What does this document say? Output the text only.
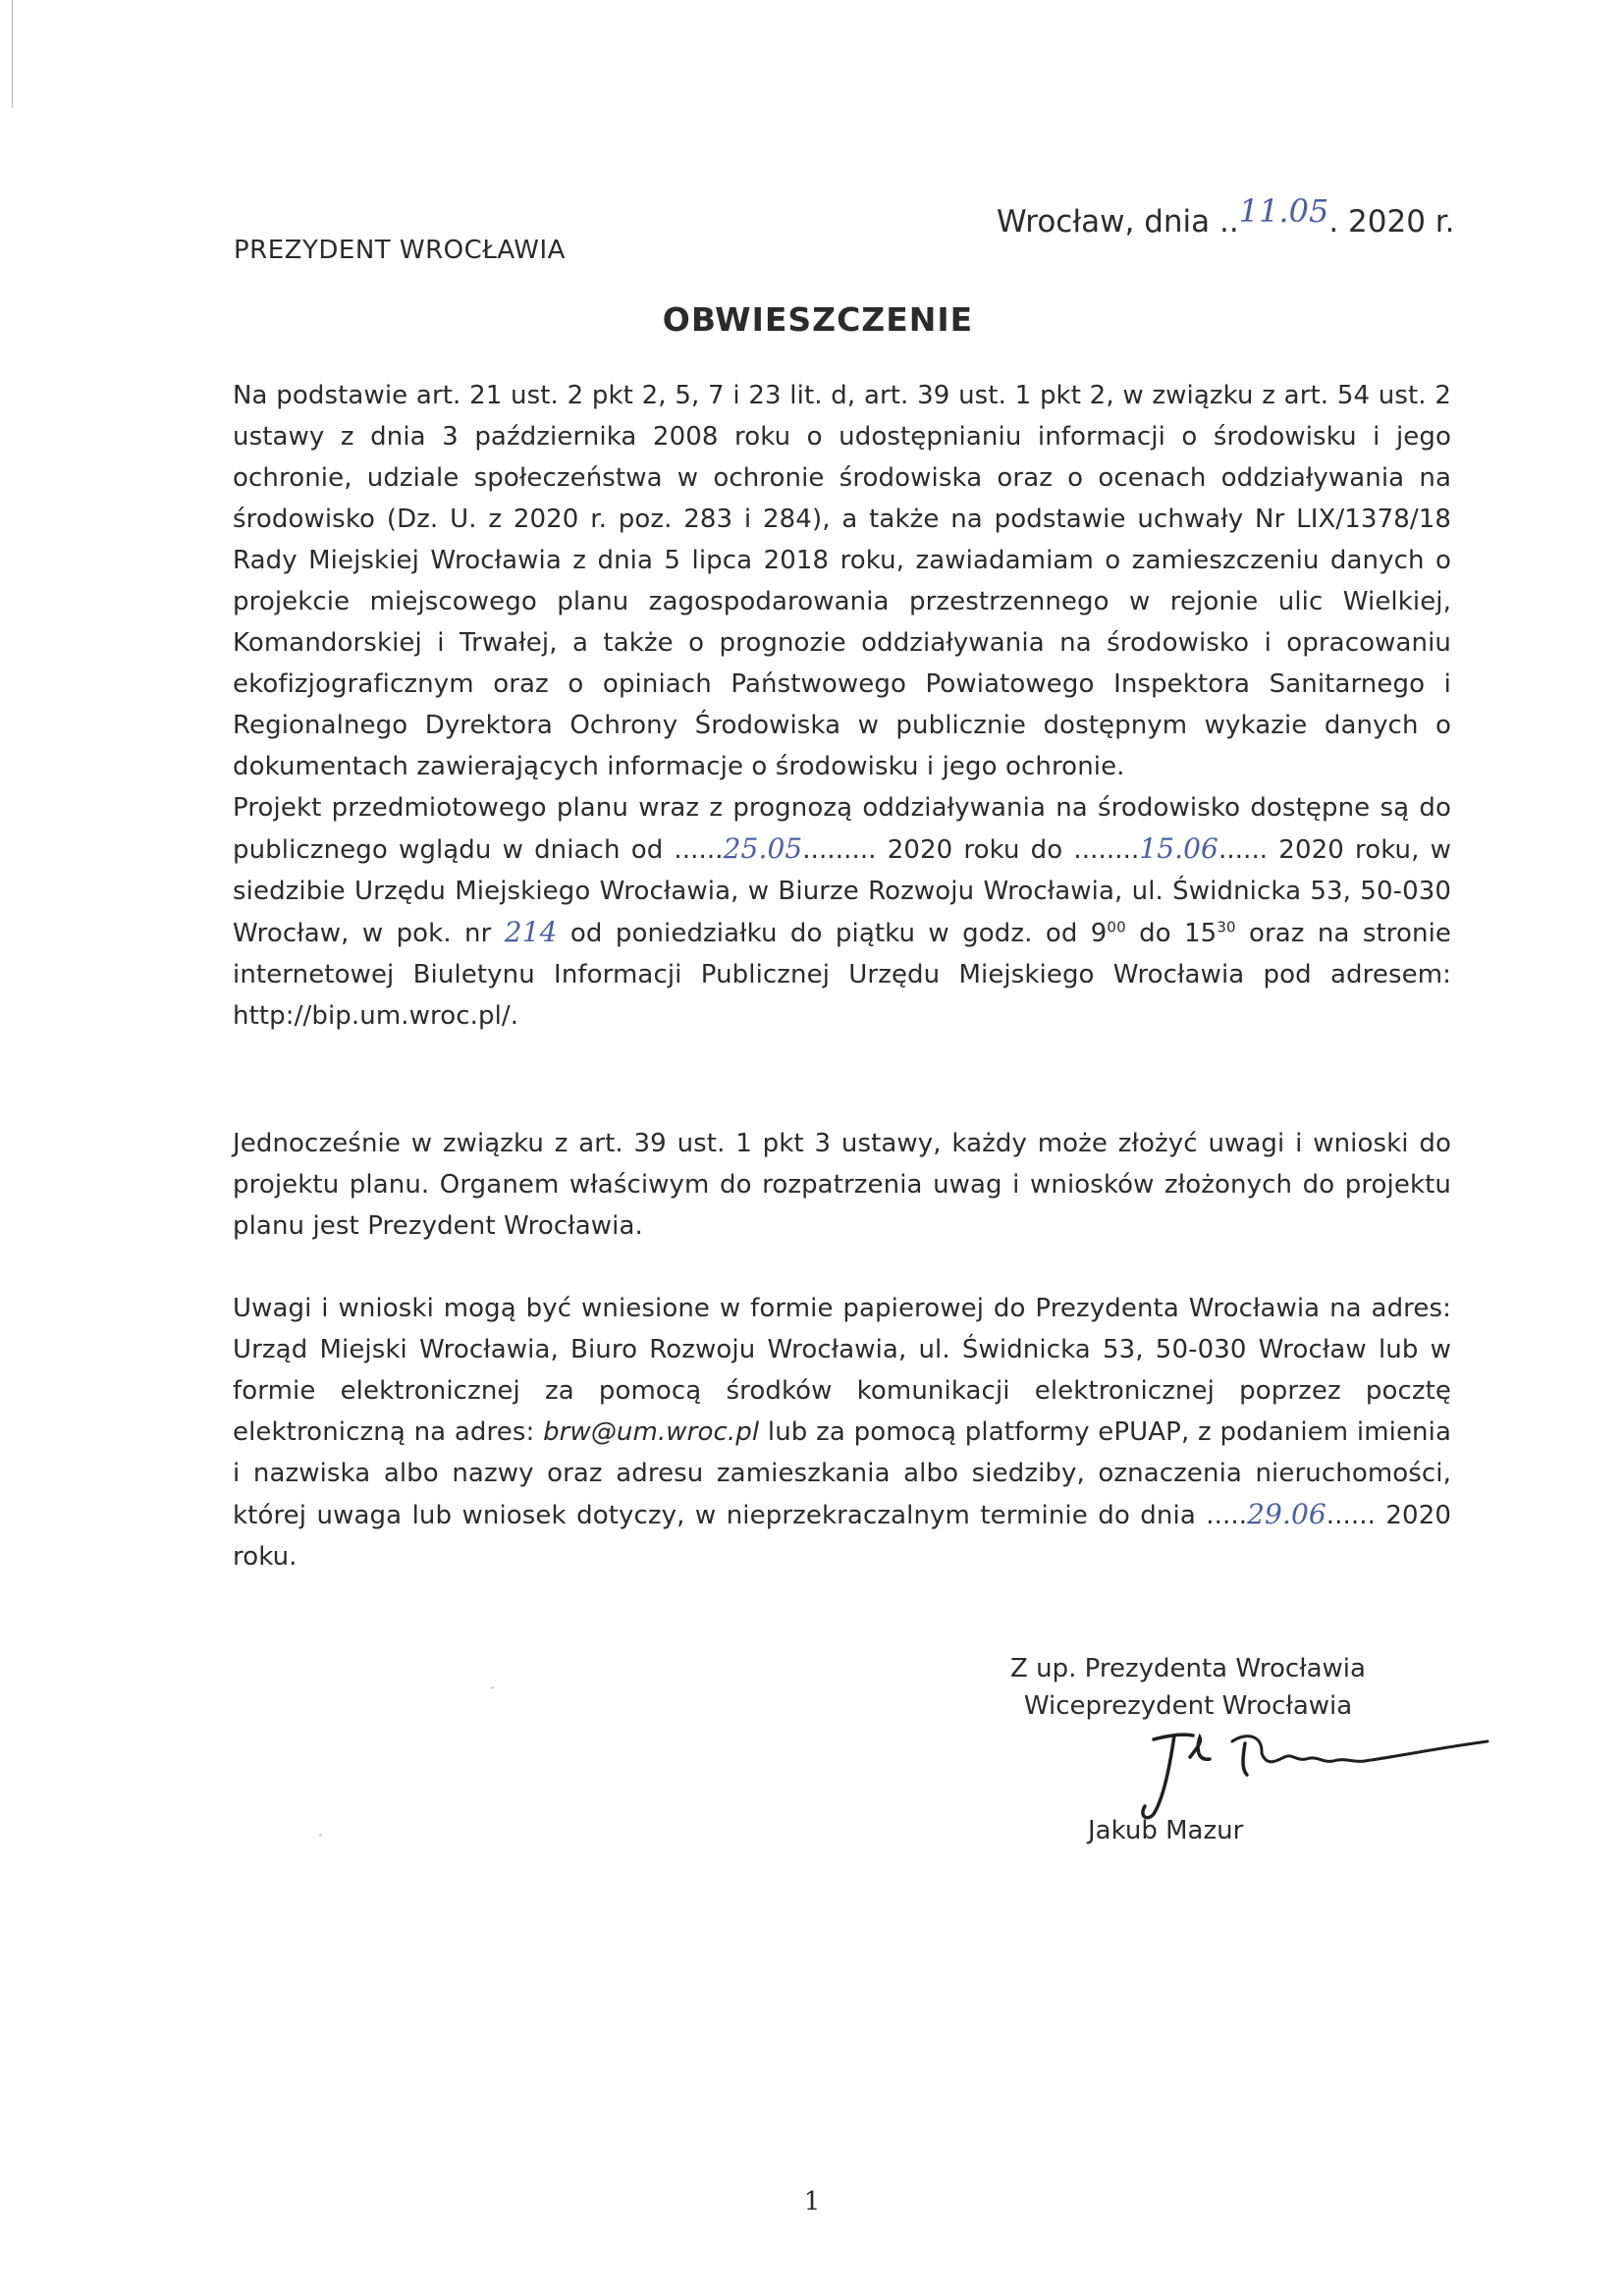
PREZYDENT WROCŁAWIA
Wrocław, dnia ..11.05. 2020 r.
OBWIESZCZENIE
Na podstawie art. 21 ust. 2 pkt 2, 5, 7 i 23 lit. d, art. 39 ust. 1 pkt 2, w związku z art. 54 ust. 2 ustawy z dnia 3 października 2008 roku o udostępnianiu informacji o środowisku i jego ochronie, udziale społeczeństwa w ochronie środowiska oraz o ocenach oddziaływania na środowisko (Dz. U. z 2020 r. poz. 283 i 284), a także na podstawie uchwały Nr LIX/1378/18 Rady Miejskiej Wrocławia z dnia 5 lipca 2018 roku, zawiadamiam o zamieszczeniu danych o projekcie miejscowego planu zagospodarowania przestrzennego w rejonie ulic Wielkiej, Komandorskiej i Trwałej, a także o prognozie oddziaływania na środowisko i opracowaniu ekofizjograficznym oraz o opiniach Państwowego Powiatowego Inspektora Sanitarnego i Regionalnego Dyrektora Ochrony Środowiska w publicznie dostępnym wykazie danych o dokumentach zawierających informacje o środowisku i jego ochronie.
Projekt przedmiotowego planu wraz z prognozą oddziaływania na środowisko dostępne są do publicznego wglądu w dniach od ......25.05......... 2020 roku do ........15.06...... 2020 roku, w siedzibie Urzędu Miejskiego Wrocławia, w Biurze Rozwoju Wrocławia, ul. Świdnicka 53, 50-030 Wrocław, w pok. nr 214 od poniedziałku do piątku w godz. od $9^{00}$ do $15^{30}$ oraz na stronie internetowej Biuletynu Informacji Publicznej Urzędu Miejskiego Wrocławia pod adresem: http://bip.um.wroc.pl/.
Jednocześnie w związku z art. 39 ust. 1 pkt 3 ustawy, każdy może złożyć uwagi i wnioski do projektu planu. Organem właściwym do rozpatrzenia uwag i wniosków złożonych do projektu planu jest Prezydent Wrocławia.
Uwagi i wnioski mogą być wniesione w formie papierowej do Prezydenta Wrocławia na adres: Urząd Miejski Wrocławia, Biuro Rozwoju Wrocławia, ul. Świdnicka 53, 50-030 Wrocław lub w formie elektronicznej za pomocą środków komunikacji elektronicznej poprzez pocztę elektroniczną na adres: brw@um.wroc.pl lub za pomocą platformy ePUAP, z podaniem imienia i nazwiska albo nazwy oraz adresu zamieszkania albo siedziby, oznaczenia nieruchomości, której uwaga lub wniosek dotyczy, w nieprzekraczalnym terminie do dnia .....29.06...... 2020 roku.
Z up. Prezydenta Wrocławia
Wiceprezydent Wrocławia
Jakub Mazur
1
